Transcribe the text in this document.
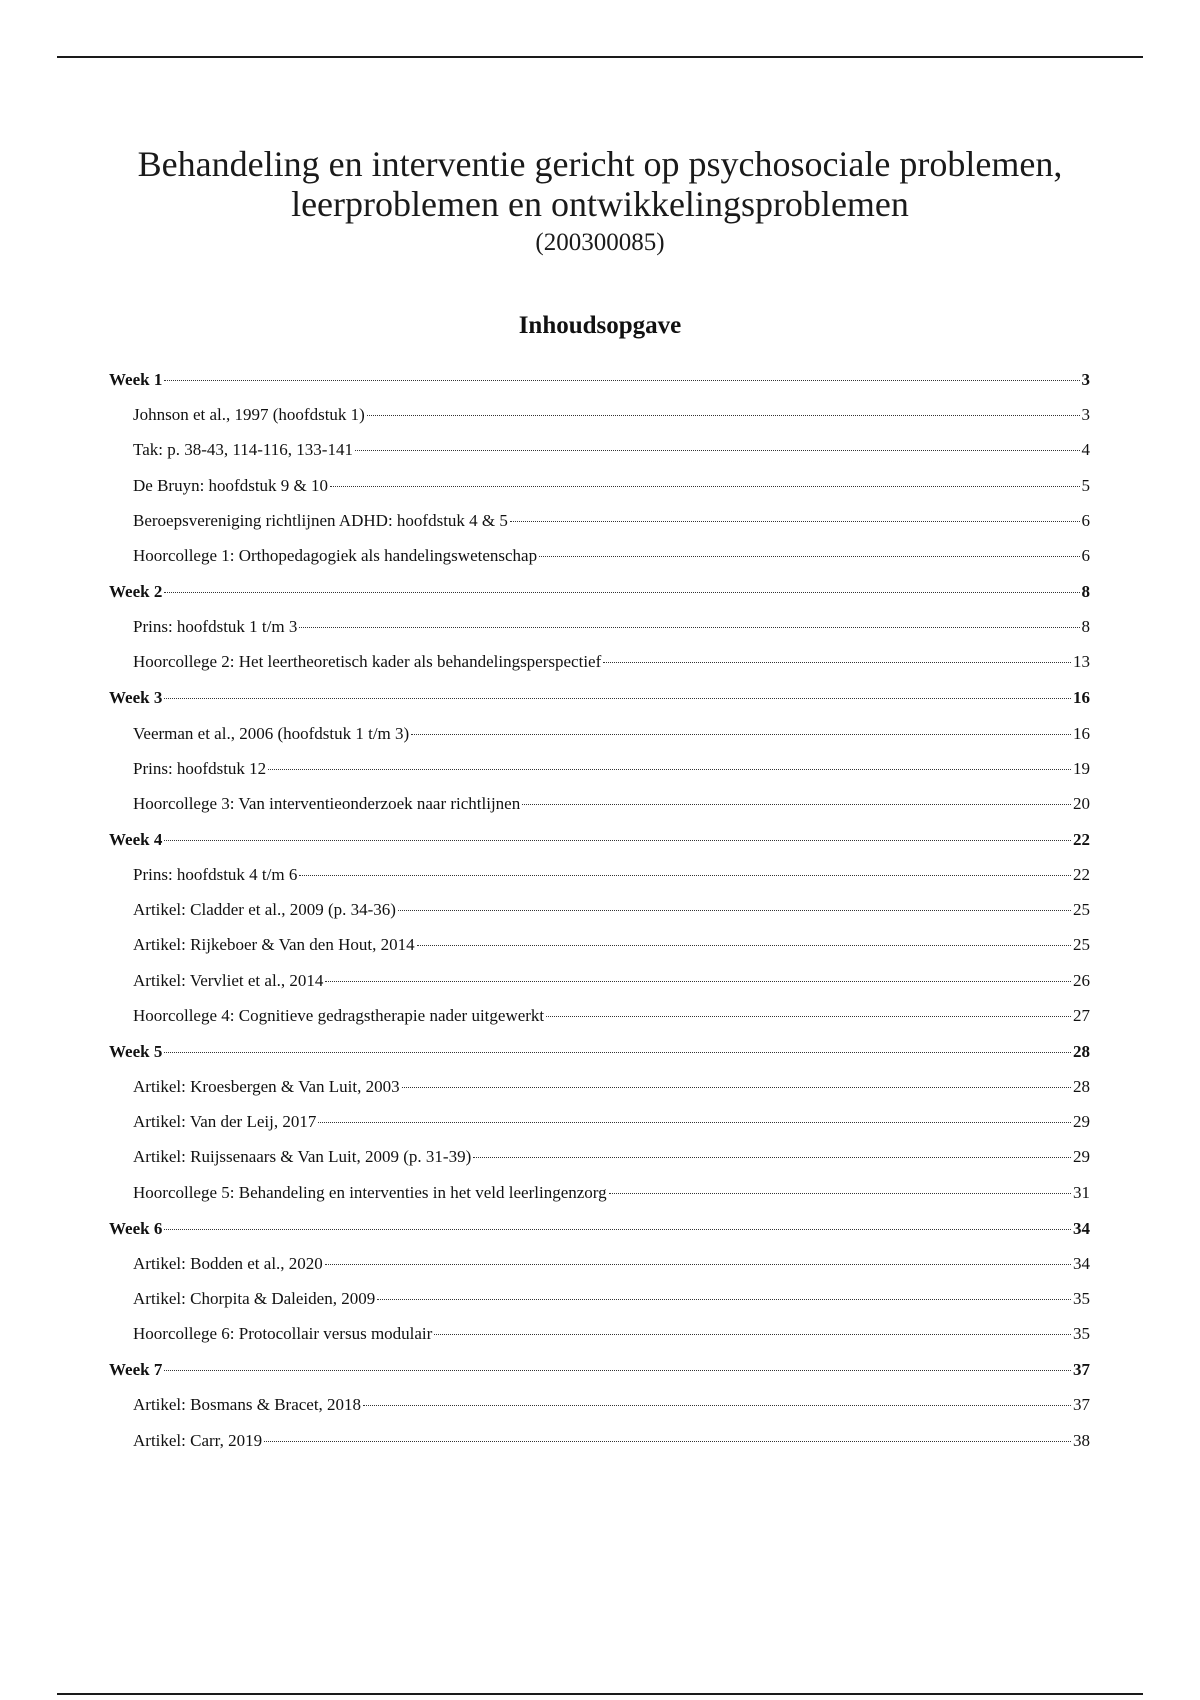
Behandeling en interventie gericht op psychosociale problemen,

leerproblemen en ontwikkelingsproblemen

(200300085)
Inhoudsopgave
Week 1	3
Johnson et al., 1997 (hoofdstuk 1)	3
Tak: p. 38-43, 114-116, 133-141	4
De Bruyn: hoofdstuk 9 & 10	5
Beroepsvereniging richtlijnen ADHD: hoofdstuk 4 & 5	6
Hoorcollege 1: Orthopedagogiek als handelingswetenschap	6
Week 2	8
Prins: hoofdstuk 1 t/m 3	8
Hoorcollege 2: Het leertheoretisch kader als behandelingsperspectief	13
Week 3	16
Veerman et al., 2006 (hoofdstuk 1 t/m 3)	16
Prins: hoofdstuk 12	19
Hoorcollege 3: Van interventieonderzoek naar richtlijnen	20
Week 4	22
Prins: hoofdstuk 4 t/m 6	22
Artikel: Cladder et al., 2009 (p. 34-36)	25
Artikel: Rijkeboer & Van den Hout, 2014	25
Artikel: Vervliet et al., 2014	26
Hoorcollege 4: Cognitieve gedragstherapie nader uitgewerkt	27
Week 5	28
Artikel: Kroesbergen & Van Luit, 2003	28
Artikel: Van der Leij, 2017	29
Artikel: Ruijssenaars & Van Luit, 2009 (p. 31-39)	29
Hoorcollege 5: Behandeling en interventies in het veld leerlingenzorg	31
Week 6	34
Artikel: Bodden et al., 2020	34
Artikel: Chorpita & Daleiden, 2009	35
Hoorcollege 6: Protocollair versus modulair	35
Week 7	37
Artikel: Bosmans & Bracet, 2018	37
Artikel: Carr, 2019	38
